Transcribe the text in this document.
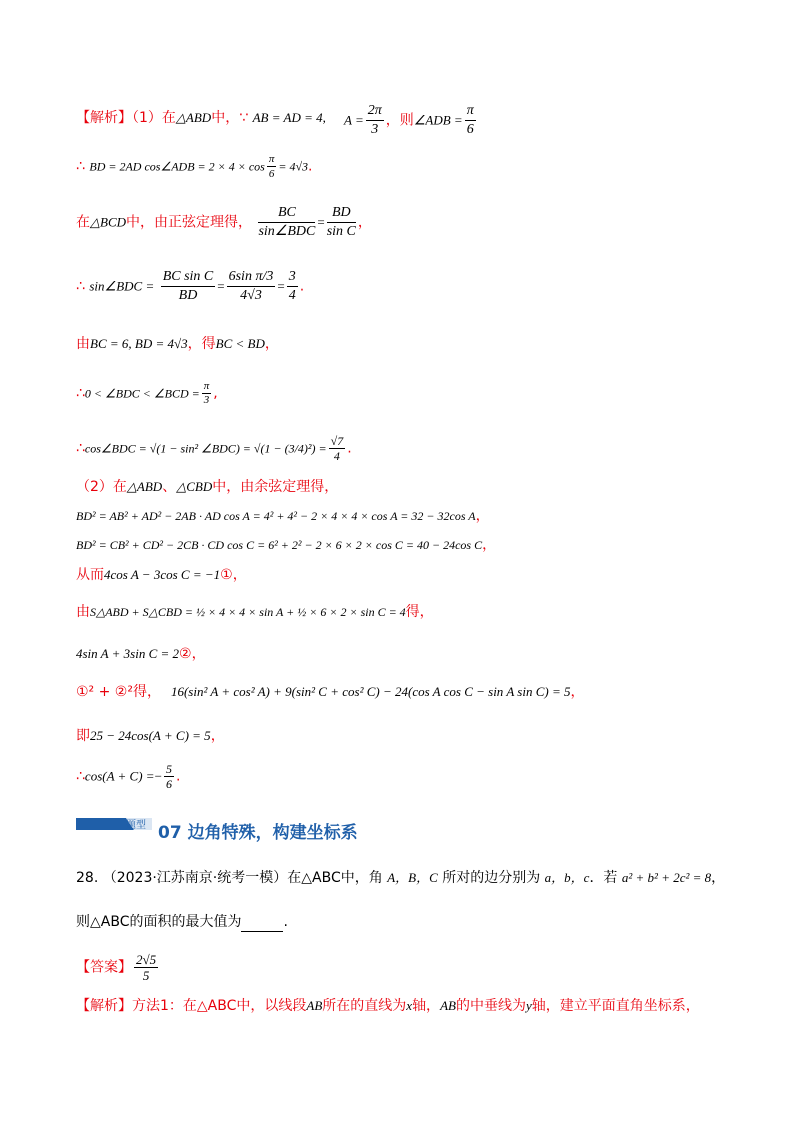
【解析】（1）在△ABD中，∵ AB = AD = 4, $A = \frac{2\pi}{3}$ ，则∠ADB = $\frac{\pi}{6}$
∴ BD = 2AD cos∠ADB = $2 \times 4 \times \cos \frac{\pi}{6} = 4√3$.
在△BCD中，由正弦定理得， $\frac{BC}{\text{sin∠BDC}} = \frac{BD}{\text{sin C}}$ ，
∴ sin∠BDC = $\frac{\text{BC sin C}}{BD} = \frac{\text{6sin π/3}}{4√3} = \frac{3}{4}$ .
由BC = 6, BD = 4√3，得BC < BD，
∴0 < ∠BDC < ∠BCD = $\frac{\pi}{3}$ ,
∴cos∠BDC = √(1 − sin² ∠BDC) = $√(1 - (3/4)^2) = \frac{√7}{4}$ .
（2）在△ABD、△CBD中，由余弦定理得，
BD² = AB² + AD² − 2AB · AD cos A = 4² + 4² − 2 × 4 × 4 × cos A = 32 − 32cos A，
BD² = CB² + CD² − 2CB · CD cos C = 6² + 2² − 2 × 6 × 2 × cos C = 40 − 24cos C，
从而4cos A − 3cos C = −1①，
由S△ABD + S△CBD = ½ × 4 × 4 × sin A + ½ × 6 × 2 × sin C = 4得，
4sin A + 3sin C = 2②，
①² + ②²得， 16(sin² A + cos² A) + 9(sin² C + cos² C) − 24(cos A cos C − sin A sin C) = 5，
即25 − 24cos(A + C) = 5，
∴cos(A + $C) =- \frac{5}{6}$ .
题型 07 边角特殊，构建坐标系
28. （2023·江苏南京·统考一模）在△ABC中，角 A，B，C 所对的边分别为 a，b，c．若 a² + b² + 2c² = 8，
则△ABC的面积的最大值为	.
【答案】 $\frac{2√5}{5}$
【解析】方法1：在△ABC中，以线段AB所在的直线为x轴，AB的中垂线为y轴，建立平面直角坐标系，
